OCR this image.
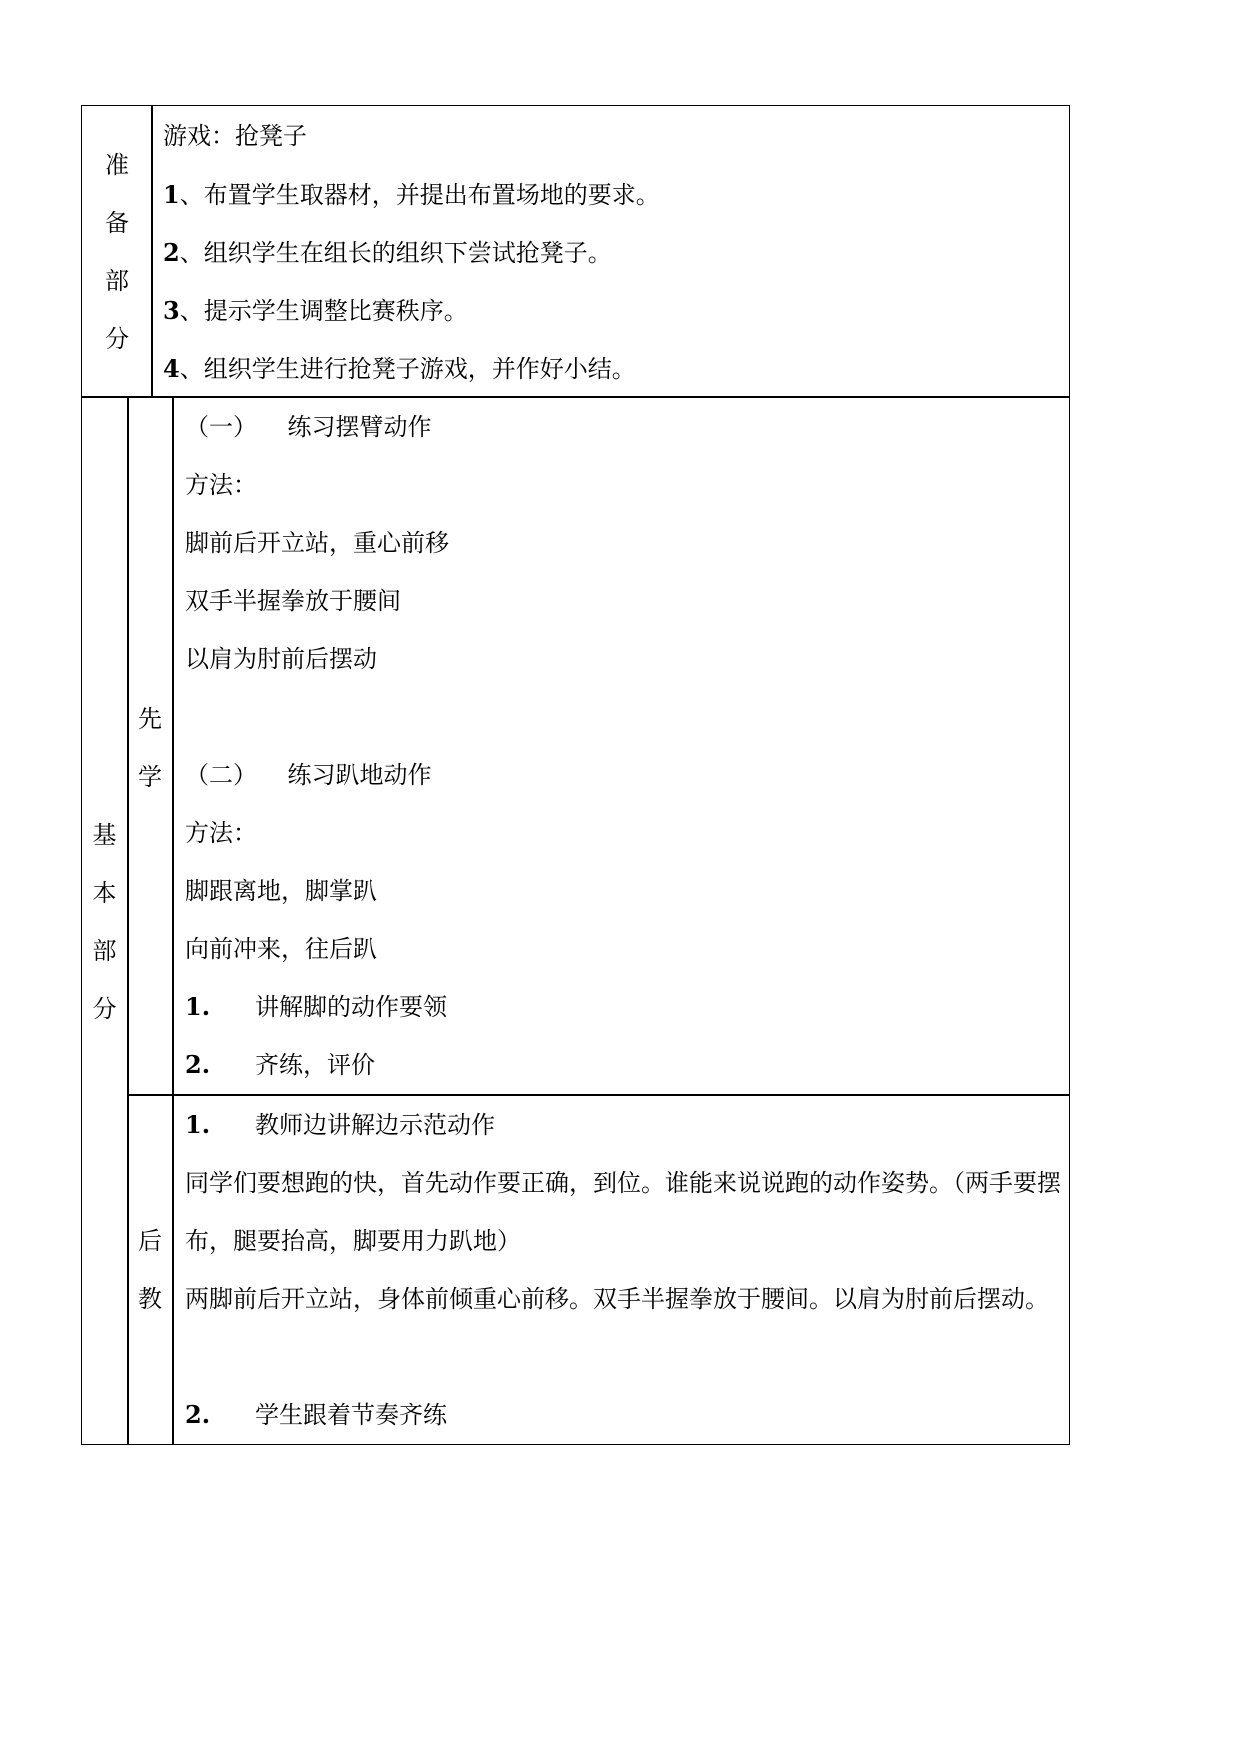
准
备
部
分
游戏：抢凳子
1、布置学生取器材，并提出布置场地的要求。
2、组织学生在组长的组织下尝试抢凳子。
3、提示学生调整比赛秩序。
4、组织学生进行抢凳子游戏，并作好小结。
基
本
部
分
先
学
（一）    练习摆臂动作
方法：
脚前后开立站，重心前移
双手半握拳放于腰间
以肩为肘前后摆动
（二）    练习趴地动作
方法：
脚跟离地，脚掌趴
向前冲来，往后趴
1. 讲解脚的动作要领
2. 齐练，评价
后
教
1. 教师边讲解边示范动作
同学们要想跑的快，首先动作要正确，到位。谁能来说说跑的动作姿势。（两手要摆布，腿要抬高，脚要用力趴地）
两脚前后开立站，身体前倾重心前移。双手半握拳放于腰间。以肩为肘前后摆动。
2. 学生跟着节奏齐练
